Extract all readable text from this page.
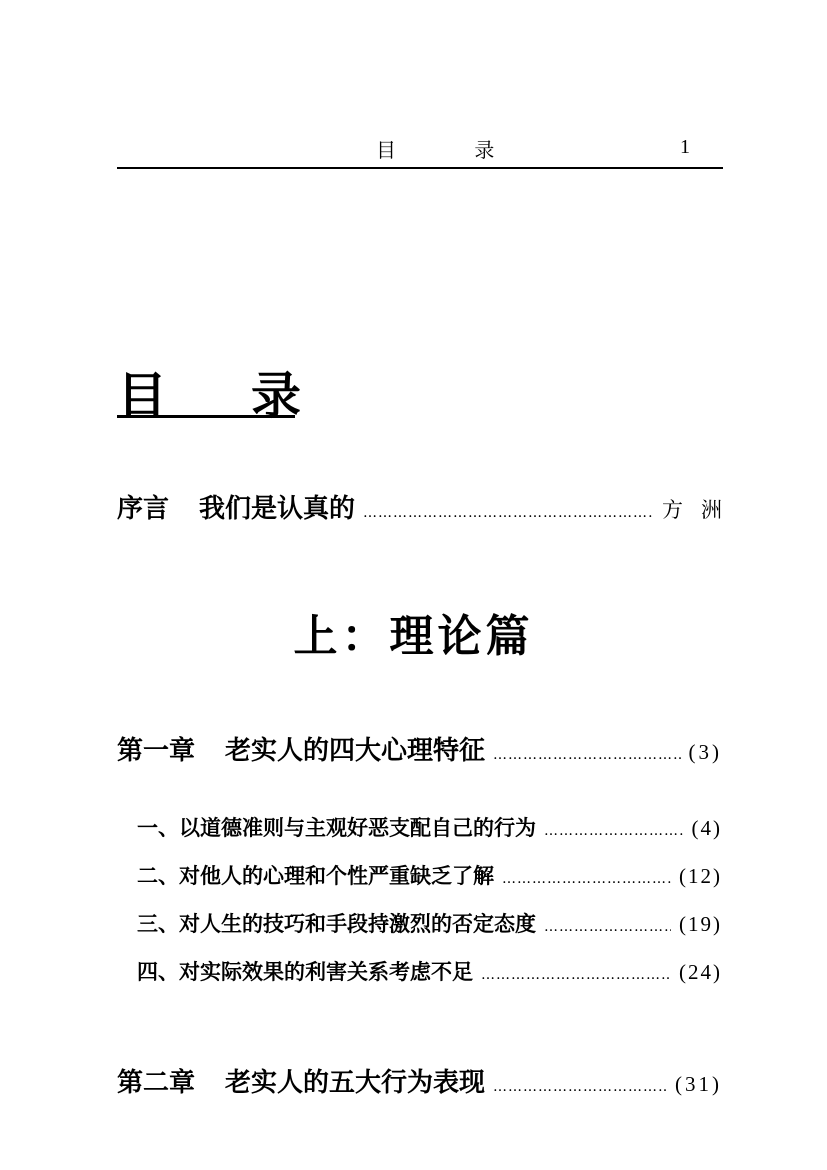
目 录	1
目 录
序言 我们是认真的 …………………………………………………………………………………………………………………………………	方洲
上：理论篇
第一章 老实人的四大心理特征 …………………………………………………………………………………………………………………………………	(3)
一、以道德准则与主观好恶支配自己的行为 …………………………………………………………………………………………………………………………………	(4)
二、对他人的心理和个性严重缺乏了解 …………………………………………………………………………………………………………………………………	(12)
三、对人生的技巧和手段持激烈的否定态度 …………………………………………………………………………………………………………………………………	(19)
四、对实际效果的利害关系考虑不足 …………………………………………………………………………………………………………………………………	(24)
第二章 老实人的五大行为表现 …………………………………………………………………………………………………………………………………	(31)
